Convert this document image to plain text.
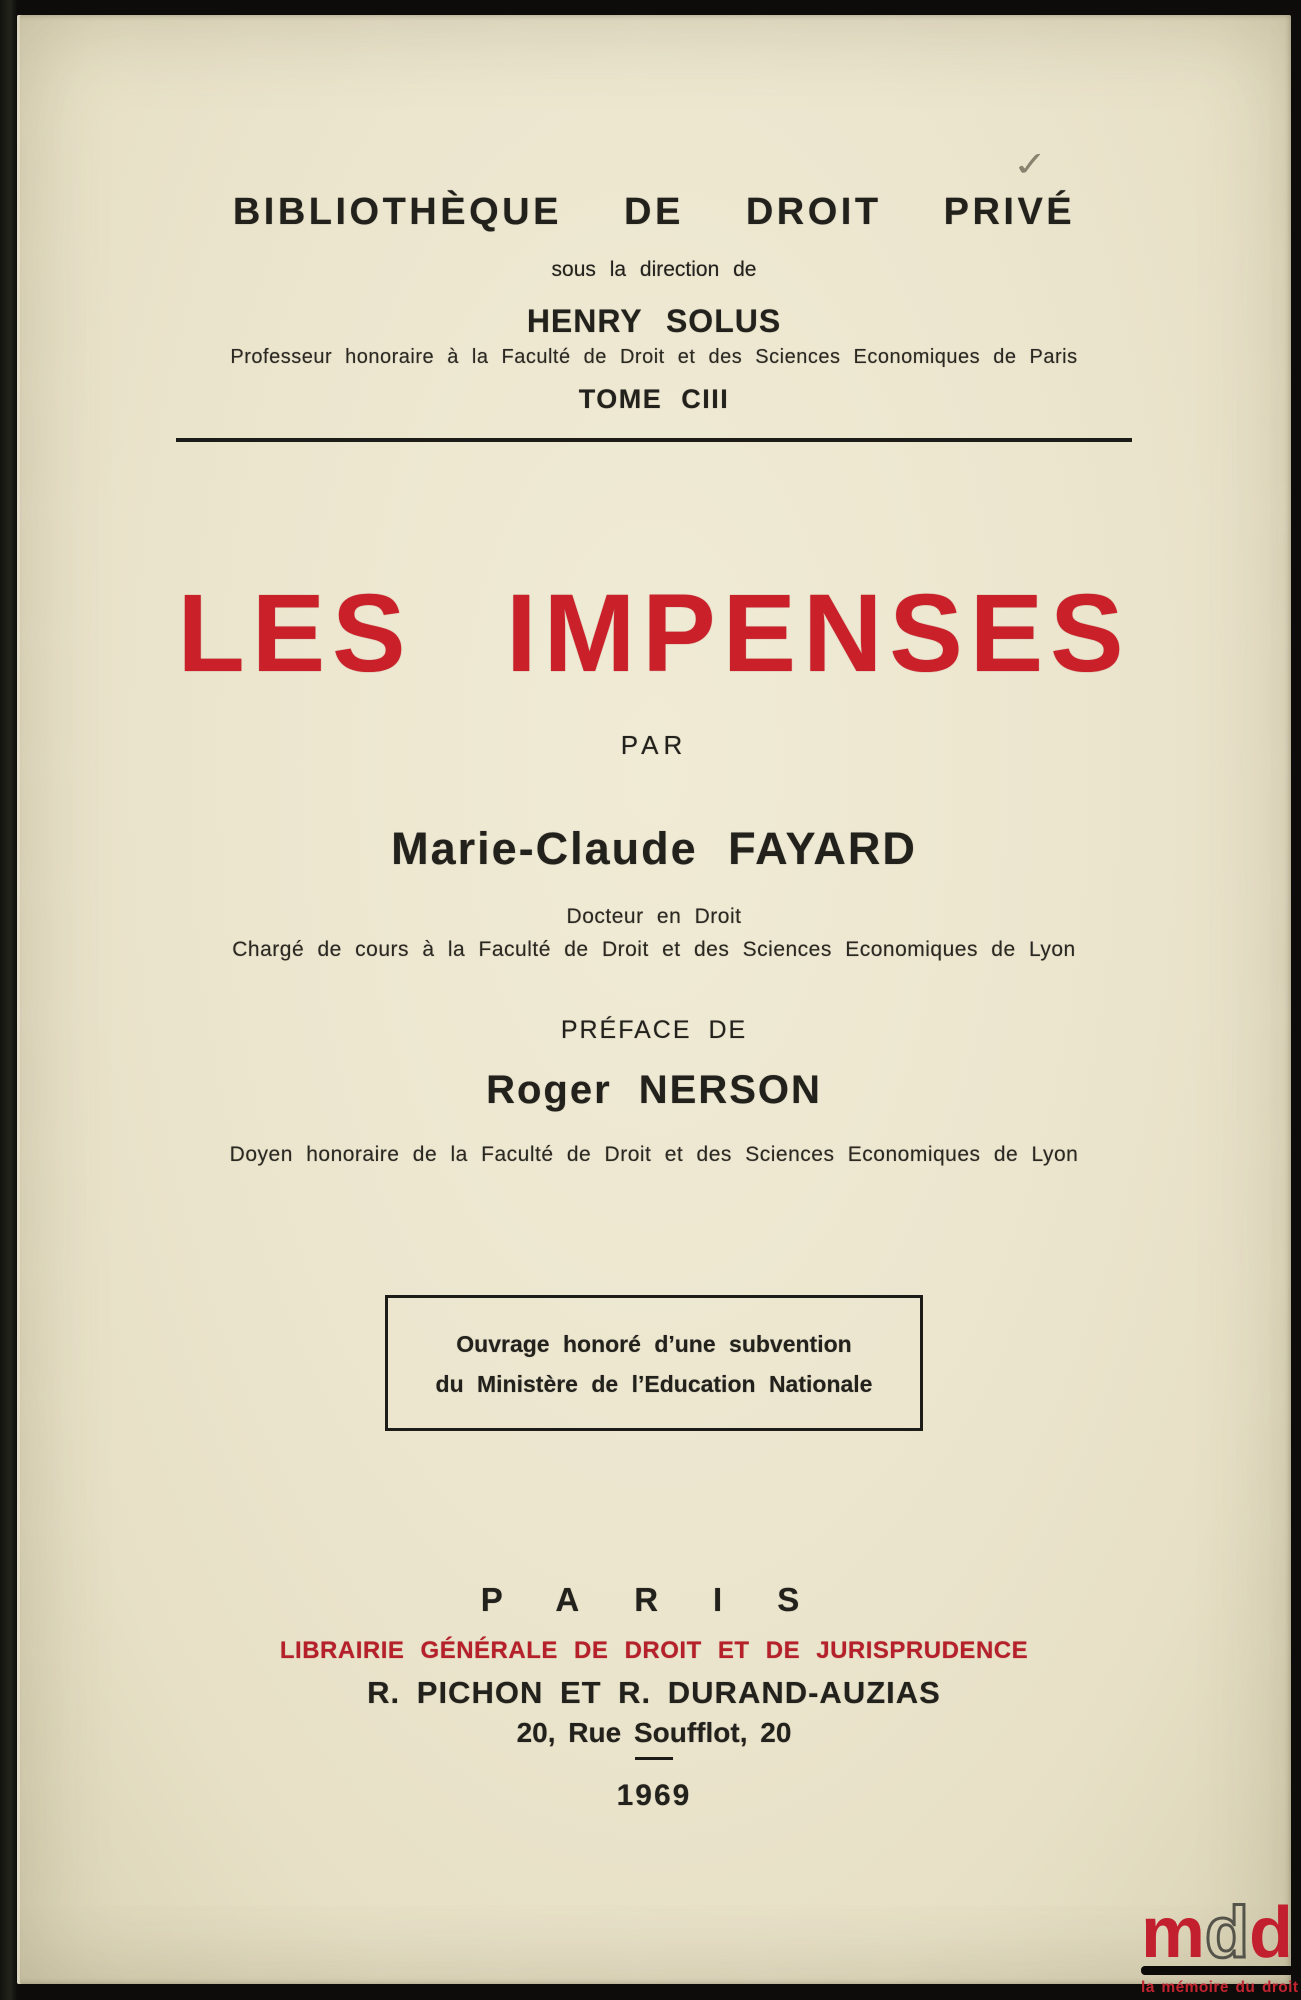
✓
BIBLIOTHÈQUE DE DROIT PRIVÉ
sous la direction de
HENRY SOLUS
Professeur honoraire à la Faculté de Droit et des Sciences Economiques de Paris
TOME CIII
LES IMPENSES
PAR
Marie-Claude FAYARD
Docteur en Droit
Chargé de cours à la Faculté de Droit et des Sciences Economiques de Lyon
PRÉFACE DE
Roger NERSON
Doyen honoraire de la Faculté de Droit et des Sciences Economiques de Lyon
Ouvrage honoré d’une subvention
du Ministère de l’Education Nationale
PARIS
LIBRAIRIE GÉNÉRALE DE DROIT ET DE JURISPRUDENCE
R. PICHON ET R. DURAND-AUZIAS
20, Rue Soufflot, 20
1969
m d d
la mémoire du droit
